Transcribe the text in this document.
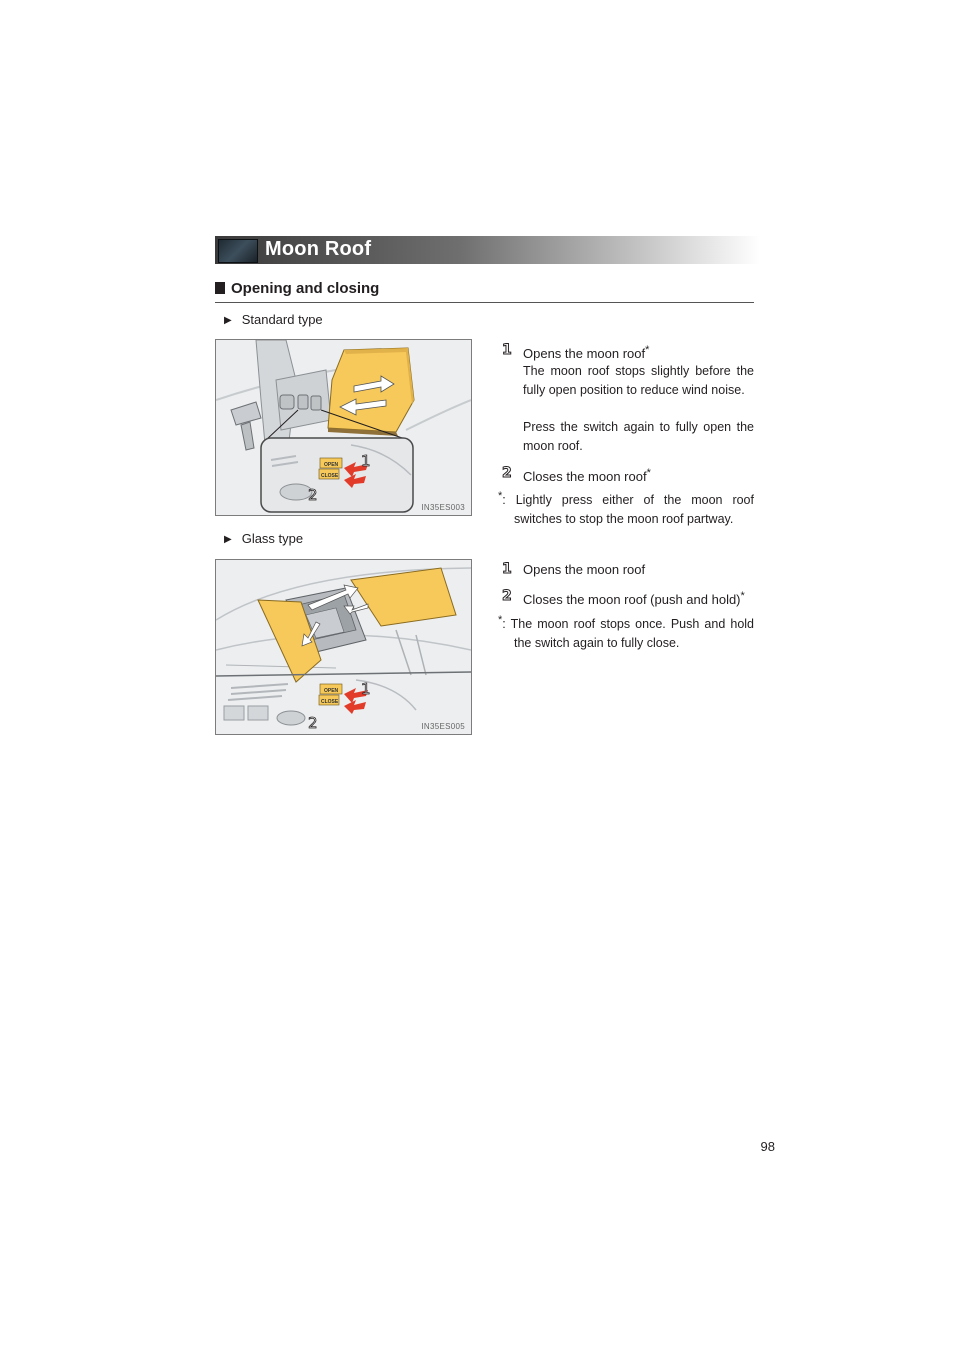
Moon Roof
Opening and closing
▶ Standard type
OPEN
CLOSE
1
2
IN35ES003
1 Opens the moon roof*
The moon roof stops slightly before the fully open position to reduce wind noise.
Press the switch again to fully open the moon roof.
2 Closes the moon roof*
*: Lightly press either of the moon roof switches to stop the moon roof partway.
▶ Glass type
OPEN
CLOSE
1
2	IN35ES005
1 Opens the moon roof
2 Closes the moon roof (push and hold)*
*: The moon roof stops once. Push and hold the switch again to fully close.
98
